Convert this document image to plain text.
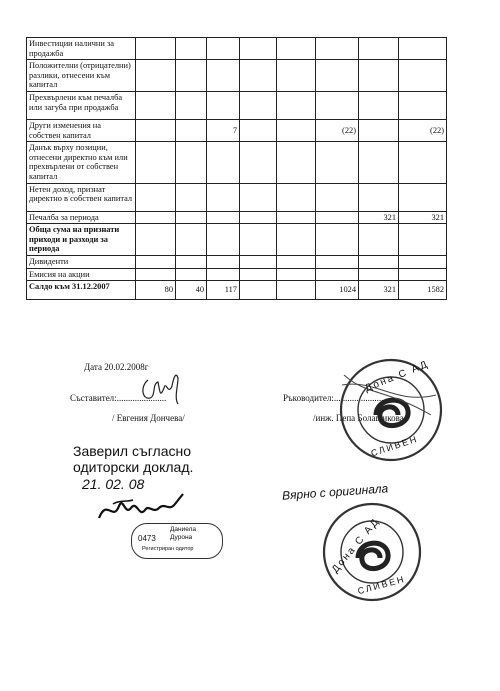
Инвестиции налични за продажба								
Положителни (отрицателни) разлики, отнесени към капитал								
Прехвърлени към печалба или загуба при продажба								
Други изменения на собствен капитал			7			(22)		(22)
Данък върху позиции, отнесени директно към или прехвърлени от собствен капитал								
Нетен доход, признат директно в собствен капитал								
Печалба за периода							321	321
Обща сума на признати приходи и разходи за периода								
Дивиденти								
Емисия на акции								
Салдо към 31.12.2007	80	40	117			1024	321	1582
Дата 20.02.2008г
Съставител:......................
/ Евгения Дончева/
Ръководител:.......................
/инж. Пепа Болашикова/
Дона С АД
СЛИВЕН
Заверил съгласно
одиторски доклад.
21. 02. 08
0473
Даниела
Дурона
Регистриран одитор
Вярно с оригинала
Дона С АД
СЛИВЕН
